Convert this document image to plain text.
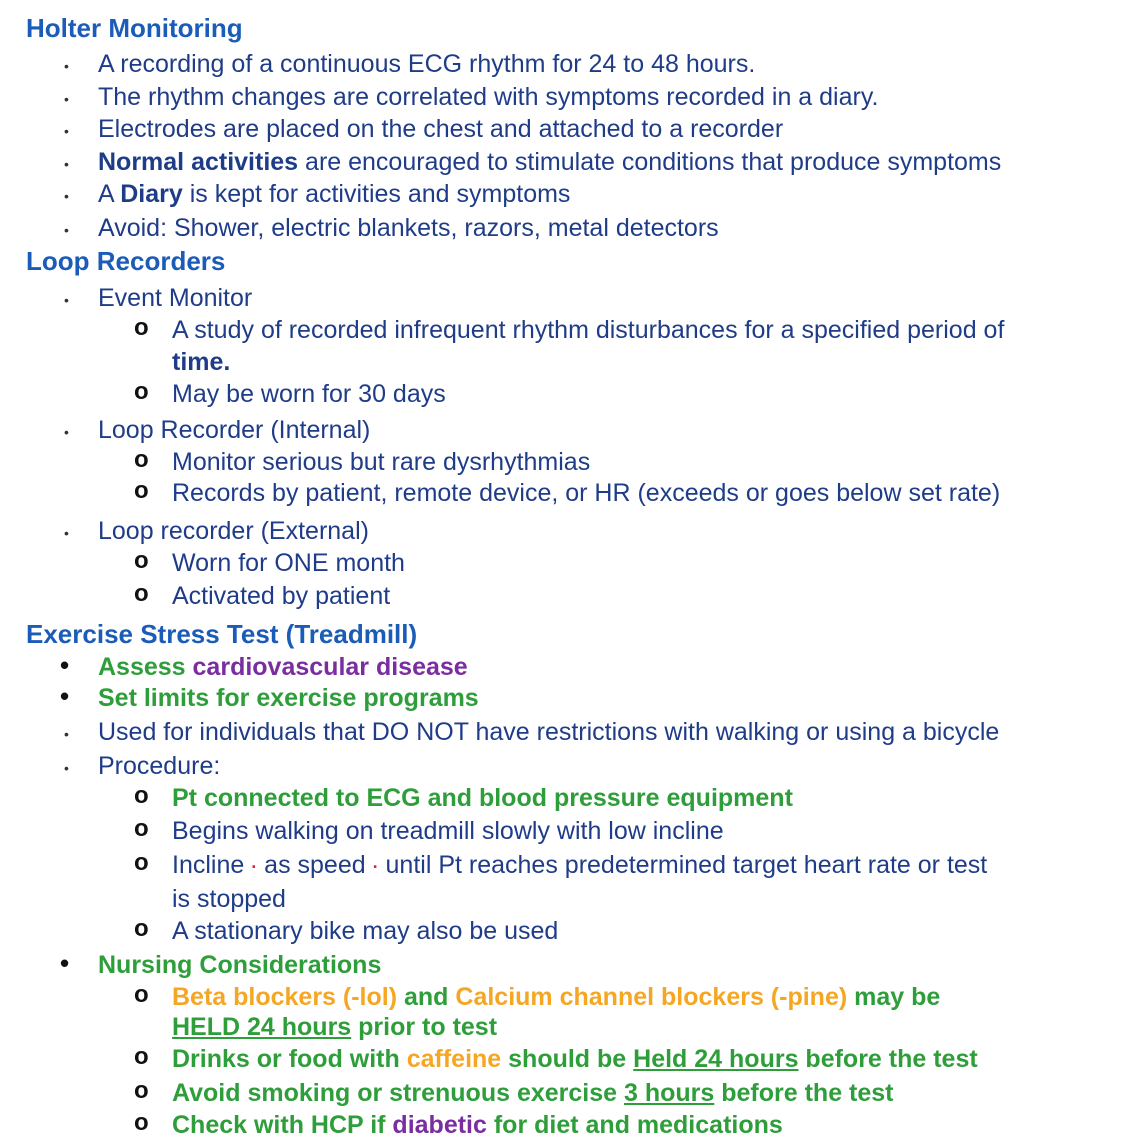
Holter Monitoring
• A recording of a continuous ECG rhythm for 24 to 48 hours.
• The rhythm changes are correlated with symptoms recorded in a diary.
• Electrodes are placed on the chest and attached to a recorder
• Normal activities are encouraged to stimulate conditions that produce symptoms
• A Diary is kept for activities and symptoms
• Avoid: Shower, electric blankets, razors, metal detectors
Loop Recorders
• Event Monitor
o A study of recorded infrequent rhythm disturbances for a specified period of
time.
o May be worn for 30 days
• Loop Recorder (Internal)
o Monitor serious but rare dysrhythmias
o Records by patient, remote device, or HR (exceeds or goes below set rate)
• Loop recorder (External)
o Worn for ONE month
o Activated by patient
Exercise Stress Test (Treadmill)
• Assess cardiovascular disease
• Set limits for exercise programs
• Used for individuals that DO NOT have restrictions with walking or using a bicycle
• Procedure:
o Pt connected to ECG and blood pressure equipment
o Begins walking on treadmill slowly with low incline
o Incline · as speed · until Pt reaches predetermined target heart rate or test
is stopped
o A stationary bike may also be used
• Nursing Considerations
o Beta blockers (-lol) and Calcium channel blockers (-pine) may be
HELD 24 hours prior to test
o Drinks or food with caffeine should be Held 24 hours before the test
o Avoid smoking or strenuous exercise 3 hours before the test
o Check with HCP if diabetic for diet and medications
